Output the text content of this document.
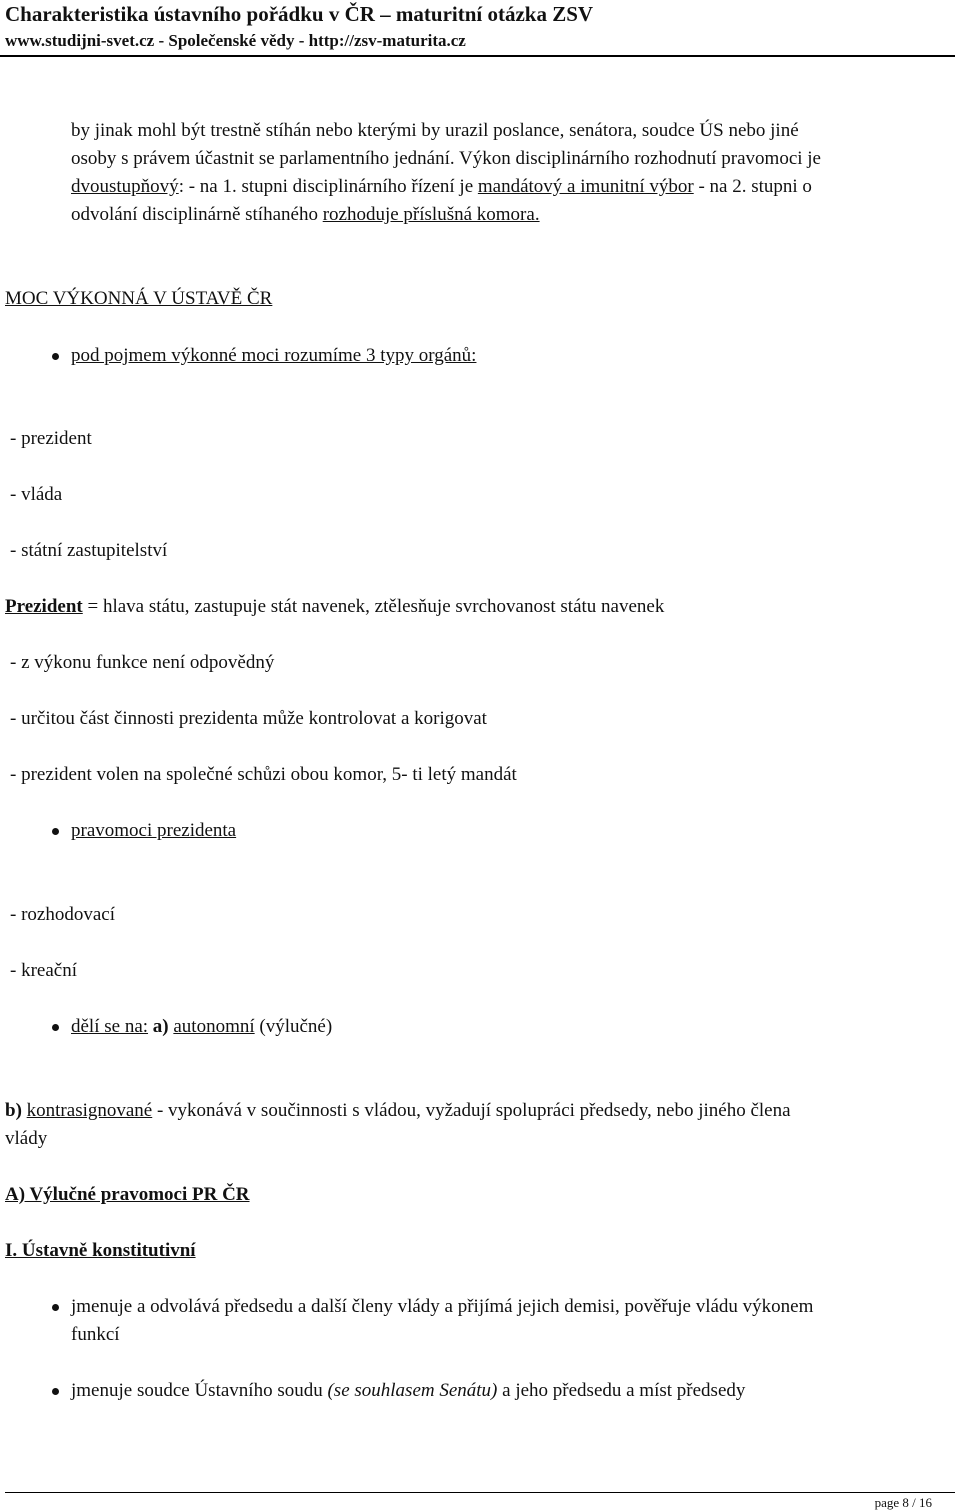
Charakteristika ústavního pořádku v ČR – maturitní otázka ZSV
www.studijni-svet.cz - Společenské vědy - http://zsv-maturita.cz
by jinak mohl být trestně stíhán nebo kterými by urazil poslance, senátora, soudce ÚS nebo jiné
osoby s právem účastnit se parlamentního jednání. Výkon disciplinárního rozhodnutí pravomoci je
dvoustupňový: - na 1. stupni disciplinárního řízení je mandátový a imunitní výbor - na 2. stupni o
odvolání disciplinárně stíhaného rozhoduje příslušná komora.
MOC VÝKONNÁ V ÚSTAVĚ ČR
pod pojmem výkonné moci rozumíme 3 typy orgánů:
- prezident
- vláda
- státní zastupitelství
Prezident = hlava státu, zastupuje stát navenek, ztělesňuje svrchovanost státu navenek
- z výkonu funkce není odpovědný
- určitou část činnosti prezidenta může kontrolovat a korigovat
- prezident volen na společné schůzi obou komor, 5- ti letý mandát
pravomoci prezidenta
- rozhodovací
- kreační
dělí se na: a) autonomní (výlučné)
b) kontrasignované - vykonává v součinnosti s vládou, vyžadují spolupráci předsedy, nebo jiného člena
vlády
A) Výlučné pravomoci PR ČR
I. Ústavně konstitutivní
jmenuje a odvolává předsedu a další členy vlády a přijímá jejich demisi, pověřuje vládu výkonem
funkcí
jmenuje soudce Ústavního soudu (se souhlasem Senátu) a jeho předsedu a míst předsedy
page 8 / 16
